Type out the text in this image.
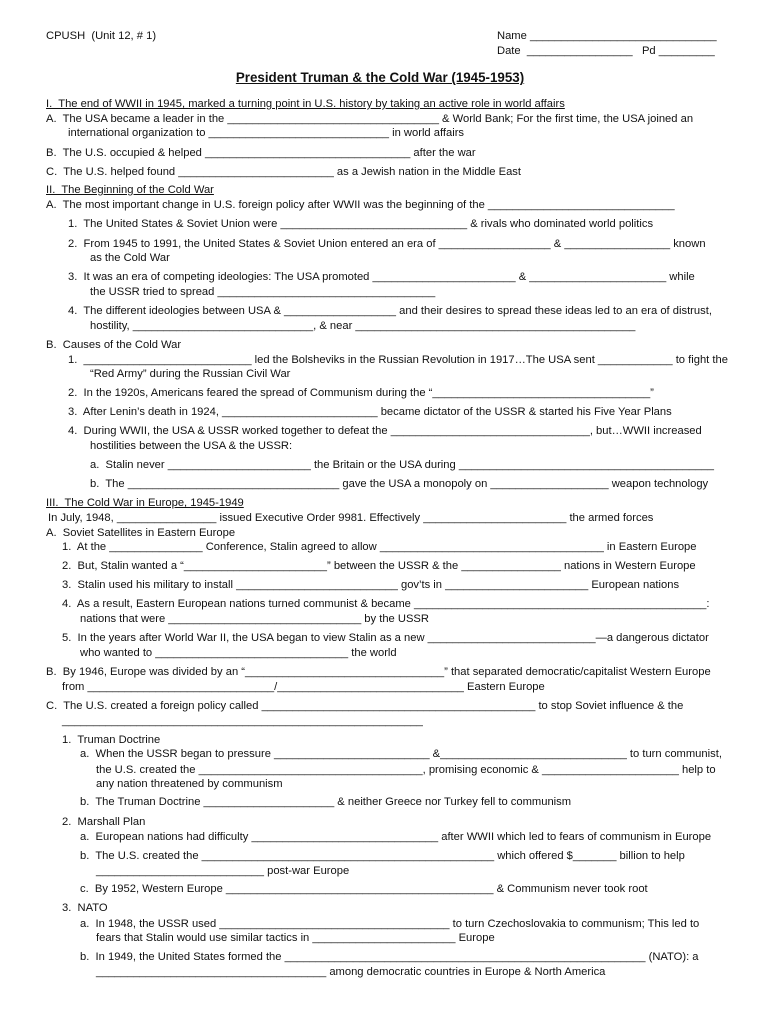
CPUSH  (Unit 12, # 1)	Name ______________________________
Date  _________________   Pd _________
President Truman & the Cold War (1945-1953)
I.  The end of WWII in 1945, marked a turning point in U.S. history by taking an active role in world affairs
A.  The USA became a leader in the __________________________________ & World Bank; For the first time, the USA joined an
international organization to _____________________________ in world affairs
B.  The U.S. occupied & helped _________________________________ after the war
C.  The U.S. helped found _________________________ as a Jewish nation in the Middle East
II.  The Beginning of the Cold War
A.  The most important change in U.S. foreign policy after WWII was the beginning of the ______________________________
1.  The United States & Soviet Union were ______________________________ & rivals who dominated world politics
2.  From 1945 to 1991, the United States & Soviet Union entered an era of __________________ & _________________ known
as the Cold War
3.  It was an era of competing ideologies: The USA promoted _______________________ & ______________________ while
the USSR tried to spread ___________________________________
4.  The different ideologies between USA & __________________ and their desires to spread these ideas led to an era of distrust,
hostility, _____________________________, & near _____________________________________________
B.  Causes of the Cold War
1.  ___________________________ led the Bolsheviks in the Russian Revolution in 1917…The USA sent ____________ to fight the
“Red Army” during the Russian Civil War
2.  In the 1920s, Americans feared the spread of Communism during the “___________________________________”
3.  After Lenin’s death in 1924, _________________________ became dictator of the USSR & started his Five Year Plans
4.  During WWII, the USA & USSR worked together to defeat the ________________________________, but…WWII increased
hostilities between the USA & the USSR:
a.  Stalin never _______________________ the Britain or the USA during _________________________________________
b.  The __________________________________ gave the USA a monopoly on ___________________ weapon technology
III.  The Cold War in Europe, 1945-1949
In July, 1948, ________________ issued Executive Order 9981. Effectively _______________________ the armed forces
A.  Soviet Satellites in Eastern Europe
1.  At the _______________ Conference, Stalin agreed to allow ____________________________________ in Eastern Europe
2.  But, Stalin wanted a “_______________________” between the USSR & the ________________ nations in Western Europe
3.  Stalin used his military to install __________________________ gov’ts in _______________________ European nations
4.  As a result, Eastern European nations turned communist & became _______________________________________________:
nations that were _______________________________ by the USSR
5.  In the years after World War II, the USA began to view Stalin as a new ___________________________—a dangerous dictator
who wanted to _______________________________ the world
B.  By 1946, Europe was divided by an “________________________________” that separated democratic/capitalist Western Europe
from ______________________________/______________________________ Eastern Europe
C.  The U.S. created a foreign policy called ____________________________________________ to stop Soviet influence & the
__________________________________________________________
1.  Truman Doctrine
a.  When the USSR began to pressure _________________________ &______________________________ to turn communist,
the U.S. created the ____________________________________, promising economic & ______________________ help to
any nation threatened by communism
b.  The Truman Doctrine _____________________ & neither Greece nor Turkey fell to communism
2.  Marshall Plan
a.  European nations had difficulty ______________________________ after WWII which led to fears of communism in Europe
b.  The U.S. created the _______________________________________________ which offered $_______ billion to help
___________________________ post-war Europe
c.  By 1952, Western Europe ___________________________________________ & Communism never took root
3.  NATO
a.  In 1948, the USSR used _____________________________________ to turn Czechoslovakia to communism; This led to
fears that Stalin would use similar tactics in _______________________ Europe
b.  In 1949, the United States formed the __________________________________________________________ (NATO): a
_____________________________________ among democratic countries in Europe & North America
